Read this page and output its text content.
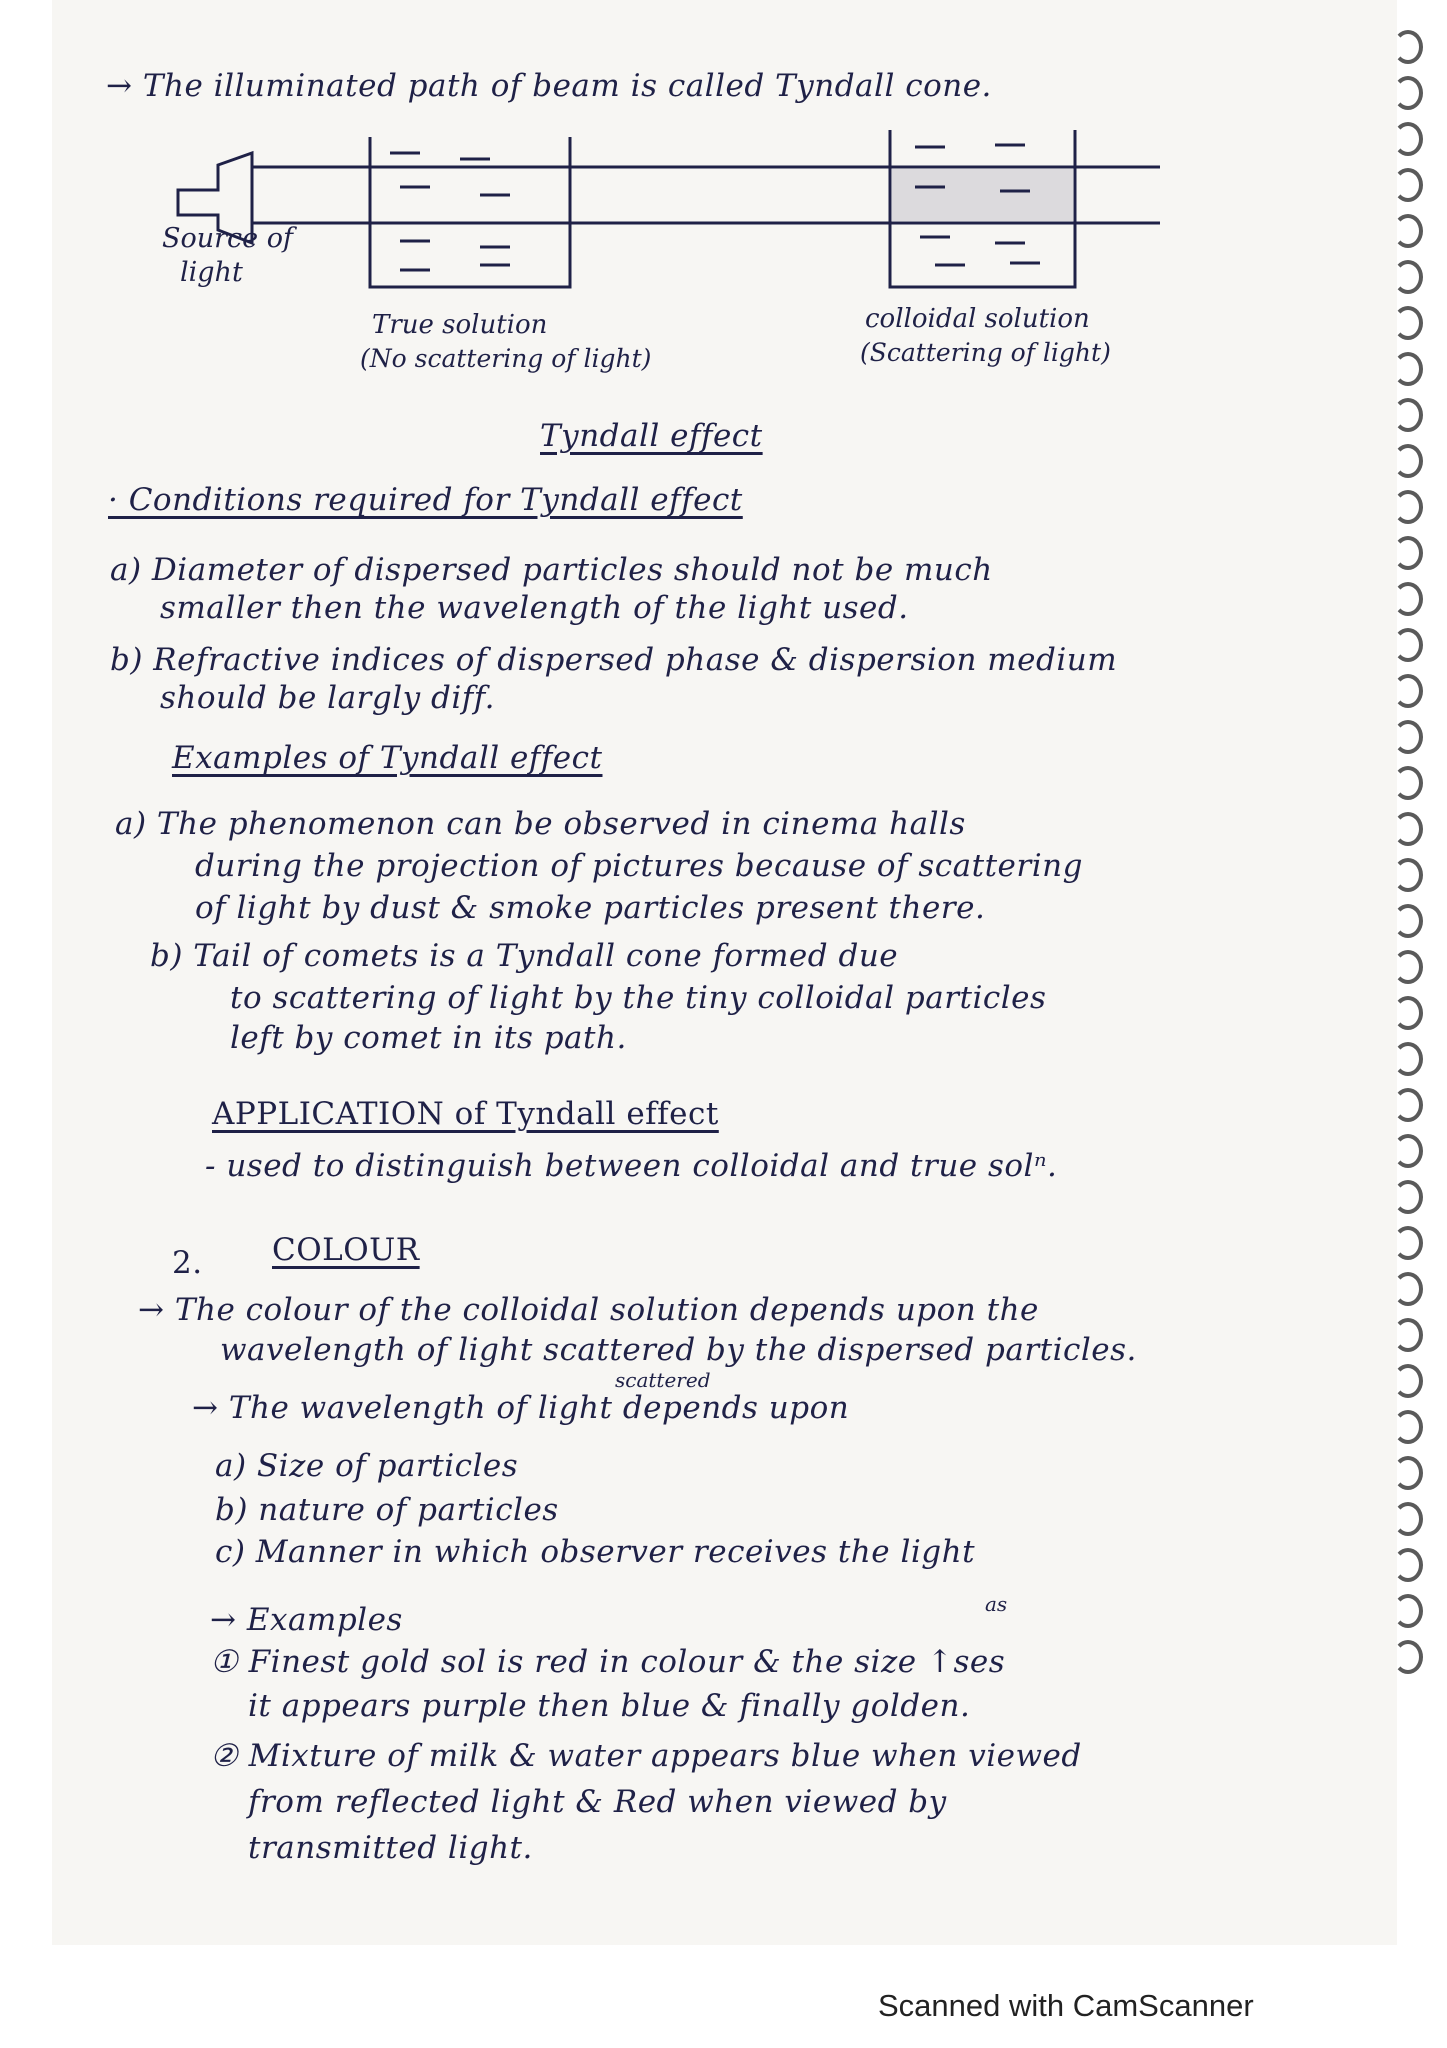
→ The illuminated path of beam is called Tyndall cone.
Source of
light
True solution
(No scattering of light)
colloidal solution
(Scattering of light)
Tyndall effect
· Conditions required for Tyndall effect
a) Diameter of dispersed particles should not be much
smaller then the wavelength of the light used.
b) Refractive indices of dispersed phase & dispersion medium
should be largly diff.
Examples of Tyndall effect
a) The phenomenon can be observed in cinema halls
during the projection of pictures because of scattering
of light by dust & smoke particles present there.
b) Tail of comets is a Tyndall cone formed due
to scattering of light by the tiny colloidal particles
left by comet in its path.
APPLICATION of Tyndall effect
- used to distinguish between colloidal and true solⁿ.
2. COLOUR
→ The colour of the colloidal solution depends upon the
wavelength of light scattered by the dispersed particles.
scattered
→ The wavelength of light depends upon
a) Size of particles
b) nature of particles
c) Manner in which observer receives the light
→ Examples	as
① Finest gold sol is red in colour & the size ↑ses
it appears purple then blue & finally golden.
② Mixture of milk & water appears blue when viewed
from reflected light & Red when viewed by
transmitted light.
Scanned with CamScanner
